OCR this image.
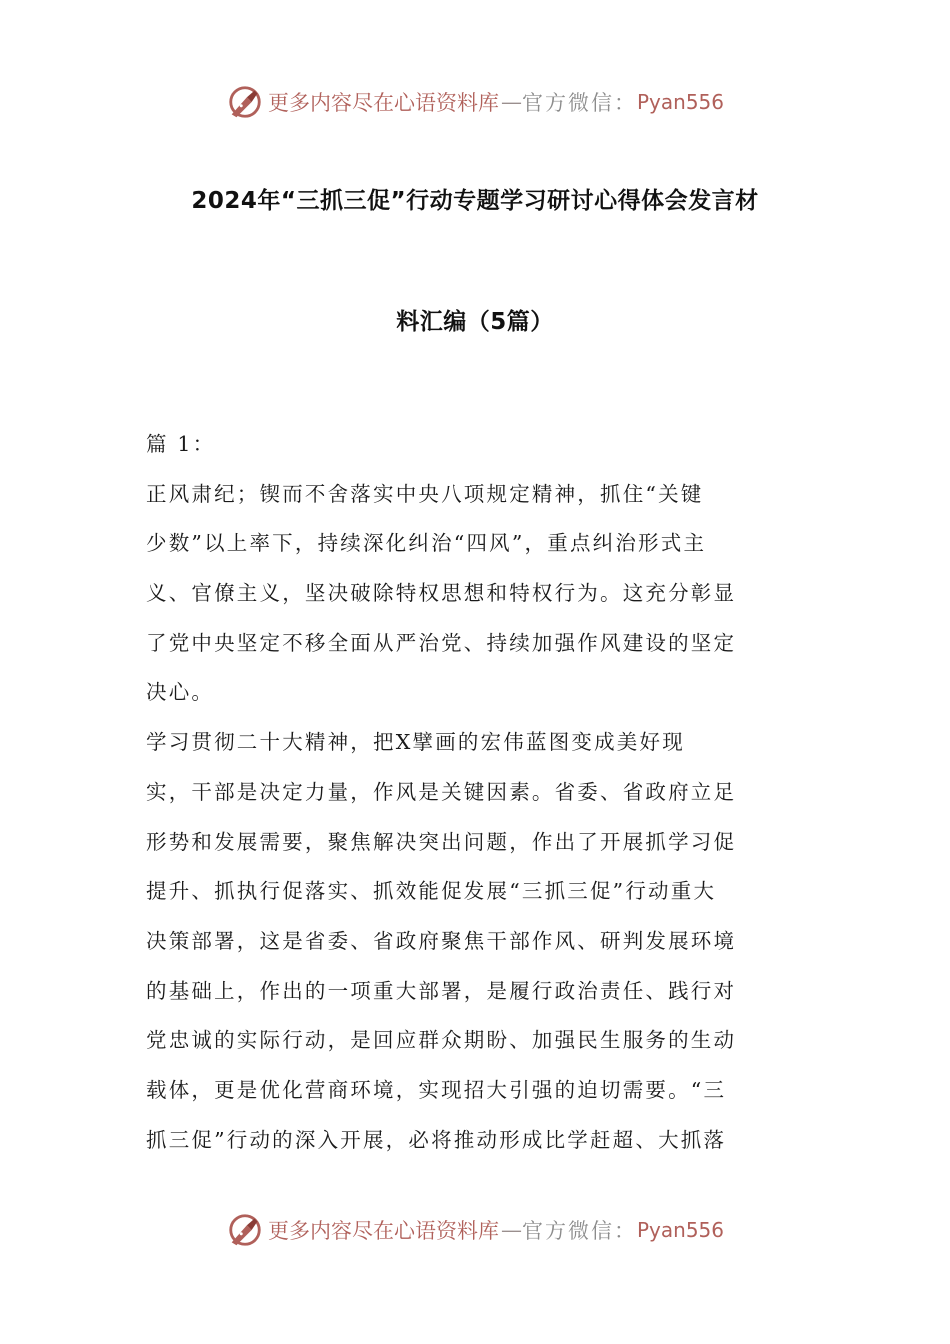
更多内容尽在心语资料库 — 官方微信： Pyan556
2024年“三抓三促”行动专题学习研讨心得体会发言材
料汇编（5篇）
篇 1：
正风肃纪；锲而不舍落实中央八项规定精神，抓住“关键
少数”以上率下，持续深化纠治“四风”，重点纠治形式主
义、官僚主义，坚决破除特权思想和特权行为。这充分彰显
了党中央坚定不移全面从严治党、持续加强作风建设的坚定
决心。
学习贯彻二十大精神，把X擘画的宏伟蓝图变成美好现
实，干部是决定力量，作风是关键因素。省委、省政府立足
形势和发展需要，聚焦解决突出问题，作出了开展抓学习促
提升、抓执行促落实、抓效能促发展“三抓三促”行动重大
决策部署，这是省委、省政府聚焦干部作风、研判发展环境
的基础上，作出的一项重大部署，是履行政治责任、践行对
党忠诚的实际行动，是回应群众期盼、加强民生服务的生动
载体，更是优化营商环境，实现招大引强的迫切需要。“三
抓三促”行动的深入开展，必将推动形成比学赶超、大抓落
更多内容尽在心语资料库 — 官方微信： Pyan556
